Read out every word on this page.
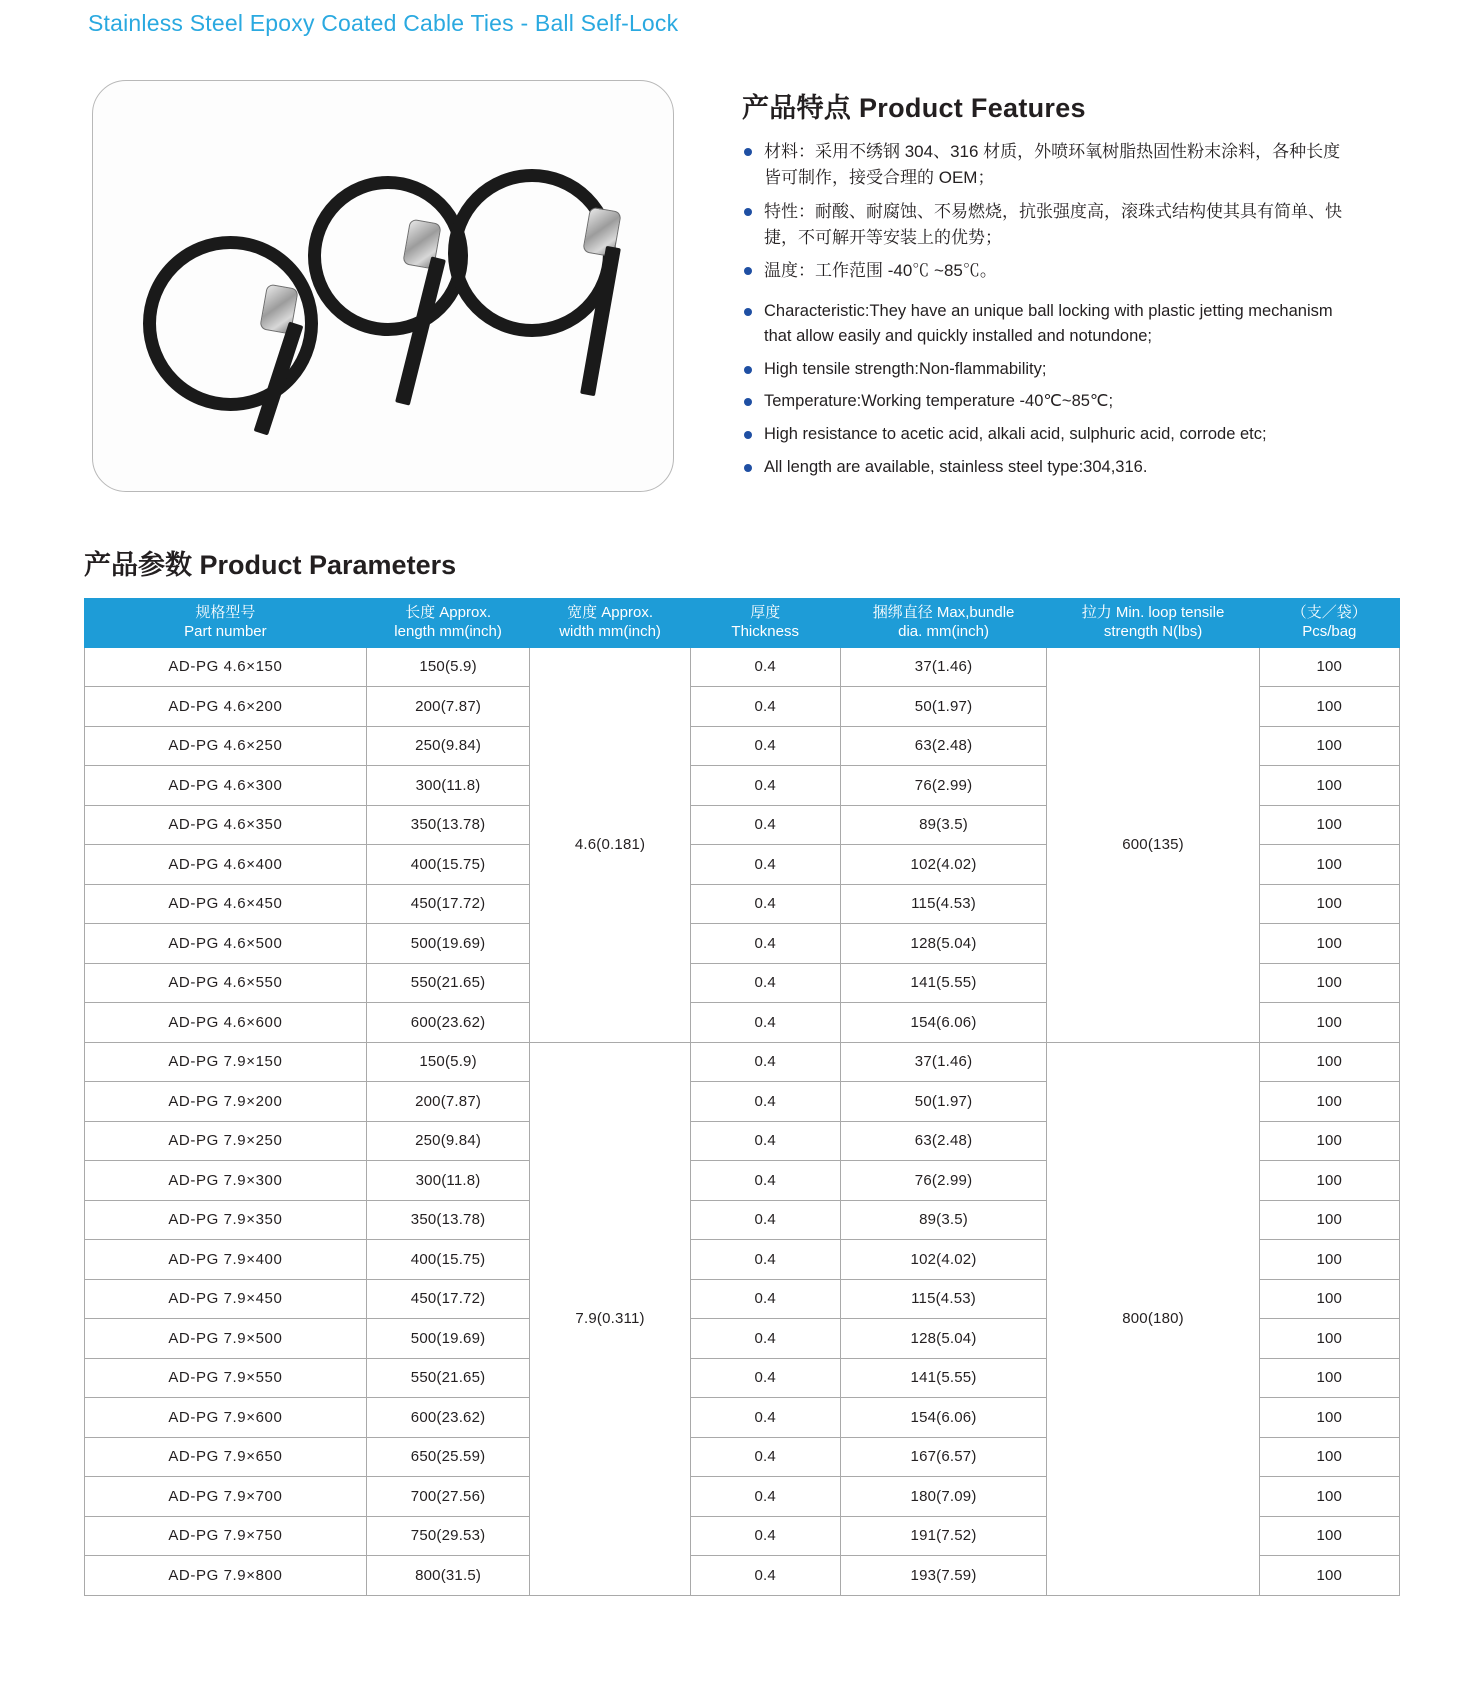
Stainless Steel Epoxy Coated Cable Ties - Ball Self-Lock
产品特点 Product Features
材料：采用不绣钢 304、316 材质，外喷环氧树脂热固性粉末涂料，各种长度皆可制作，接受合理的 OEM；
特性：耐酸、耐腐蚀、不易燃烧，抗张强度高，滚珠式结构使其具有简单、快捷，不可解开等安装上的优势；
温度：工作范围 -40℃ ~85℃。
Characteristic:They have an unique ball locking with plastic jetting mechanism that allow easily and quickly installed and notundone;
High tensile strength:Non-flammability;
Temperature:Working temperature -40℃~85℃;
High resistance to acetic acid, alkali acid, sulphuric acid, corrode etc;
All length are available, stainless steel type:304,316.
产品参数 Product Parameters
规格型号
Part number

长度 Approx.
length mm(inch)

宽度 Approx.
width mm(inch)

厚度
Thickness

捆绑直径 Max,bundle
dia. mm(inch)

拉力 Min. loop tensile
strength N(lbs)

（支／袋）
Pcs/bag

AD-PG 4.6×150	150(5.9)	4.6(0.181)	0.4	37(1.46)	600(135)	100
AD-PG 4.6×200	200(7.87)		0.4	50(1.97)		100
AD-PG 4.6×250	250(9.84)		0.4	63(2.48)		100
AD-PG 4.6×300	300(11.8)		0.4	76(2.99)		100
AD-PG 4.6×350	350(13.78)		0.4	89(3.5)		100
AD-PG 4.6×400	400(15.75)		0.4	102(4.02)		100
AD-PG 4.6×450	450(17.72)		0.4	115(4.53)		100
AD-PG 4.6×500	500(19.69)		0.4	128(5.04)		100
AD-PG 4.6×550	550(21.65)		0.4	141(5.55)		100
AD-PG 4.6×600	600(23.62)		0.4	154(6.06)		100
AD-PG 7.9×150	150(5.9)	7.9(0.311)	0.4	37(1.46)	800(180)	100
AD-PG 7.9×200	200(7.87)		0.4	50(1.97)		100
AD-PG 7.9×250	250(9.84)		0.4	63(2.48)		100
AD-PG 7.9×300	300(11.8)		0.4	76(2.99)		100
AD-PG 7.9×350	350(13.78)		0.4	89(3.5)		100
AD-PG 7.9×400	400(15.75)		0.4	102(4.02)		100
AD-PG 7.9×450	450(17.72)		0.4	115(4.53)		100
AD-PG 7.9×500	500(19.69)		0.4	128(5.04)		100
AD-PG 7.9×550	550(21.65)		0.4	141(5.55)		100
AD-PG 7.9×600	600(23.62)		0.4	154(6.06)		100
AD-PG 7.9×650	650(25.59)		0.4	167(6.57)		100
AD-PG 7.9×700	700(27.56)		0.4	180(7.09)		100
AD-PG 7.9×750	750(29.53)		0.4	191(7.52)		100
AD-PG 7.9×800	800(31.5)		0.4	193(7.59)		100
